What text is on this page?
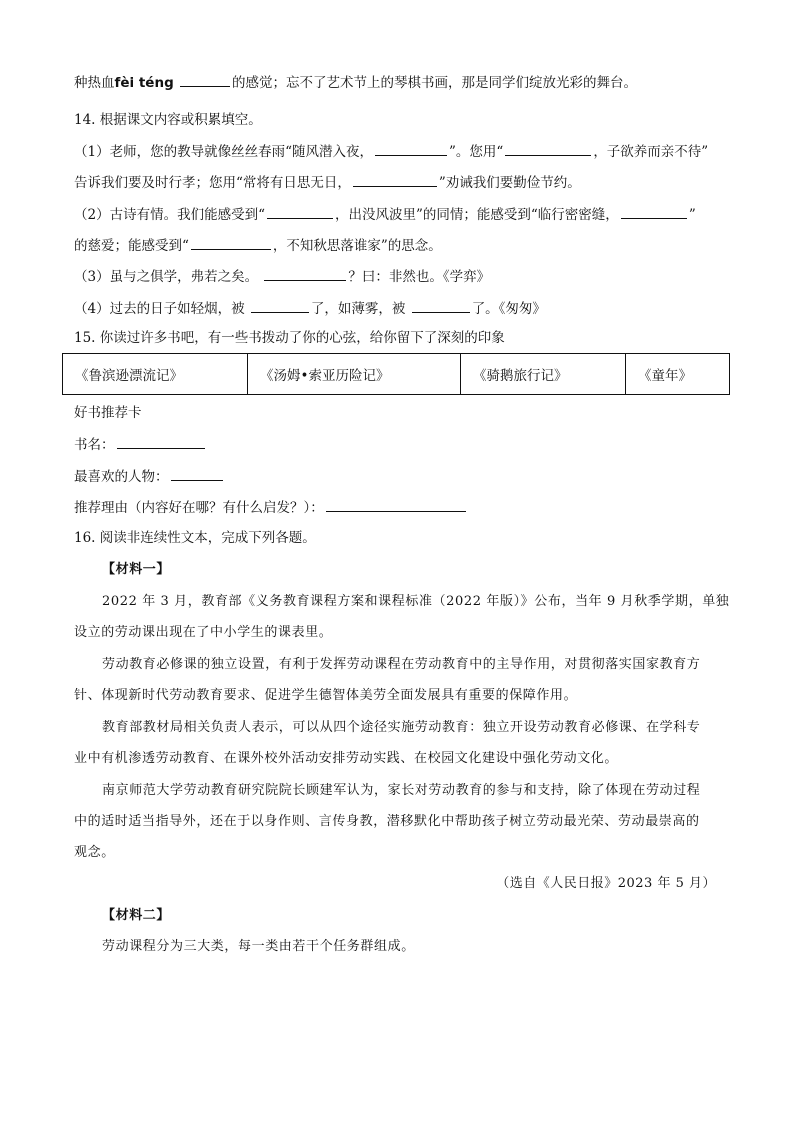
种热血fèi téng	的感觉；忘不了艺术节上的琴棋书画，那是同学们绽放光彩的舞台。
14. 根据课文内容或积累填空。
（1）老师，您的教导就像丝丝春雨“随风潜入夜，	”。您用“	，子欲养而亲不待”
告诉我们要及时行孝；您用“常将有日思无日，	”劝诫我们要勤俭节约。
（2）古诗有情。我们能感受到“	，出没风波里”的同情；能感受到“临行密密缝，	”
的慈爱；能感受到“	，不知秋思落谁家”的思念。
（3）虽与之俱学，弗若之矣。	？曰：非然也。《学弈》
（4）过去的日子如轻烟，被	了，如薄雾，被	了。《匆匆》
15. 你读过许多书吧，有一些书拨动了你的心弦，给你留下了深刻的印象
《鲁滨逊漂流记》	《汤姆•索亚历险记》	《骑鹅旅行记》	《童年》
好书推荐卡
书名：
最喜欢的人物：
推荐理由（内容好在哪？有什么启发？）：
16. 阅读非连续性文本，完成下列各题。
【材料一】
2022 年 3 月，教育部《义务教育课程方案和课程标准（2022 年版）》公布，当年 9 月秋季学期，单独
设立的劳动课出现在了中小学生的课表里。
劳动教育必修课的独立设置，有利于发挥劳动课程在劳动教育中的主导作用，对贯彻落实国家教育方
针、体现新时代劳动教育要求、促进学生德智体美劳全面发展具有重要的保障作用。
教育部教材局相关负责人表示，可以从四个途径实施劳动教育：独立开设劳动教育必修课、在学科专
业中有机渗透劳动教育、在课外校外活动安排劳动实践、在校园文化建设中强化劳动文化。
南京师范大学劳动教育研究院院长顾建军认为，家长对劳动教育的参与和支持，除了体现在劳动过程
中的适时适当指导外，还在于以身作则、言传身教，潜移默化中帮助孩子树立劳动最光荣、劳动最崇高的
观念。
（选自《人民日报》2023 年 5 月）
【材料二】
劳动课程分为三大类，每一类由若干个任务群组成。
